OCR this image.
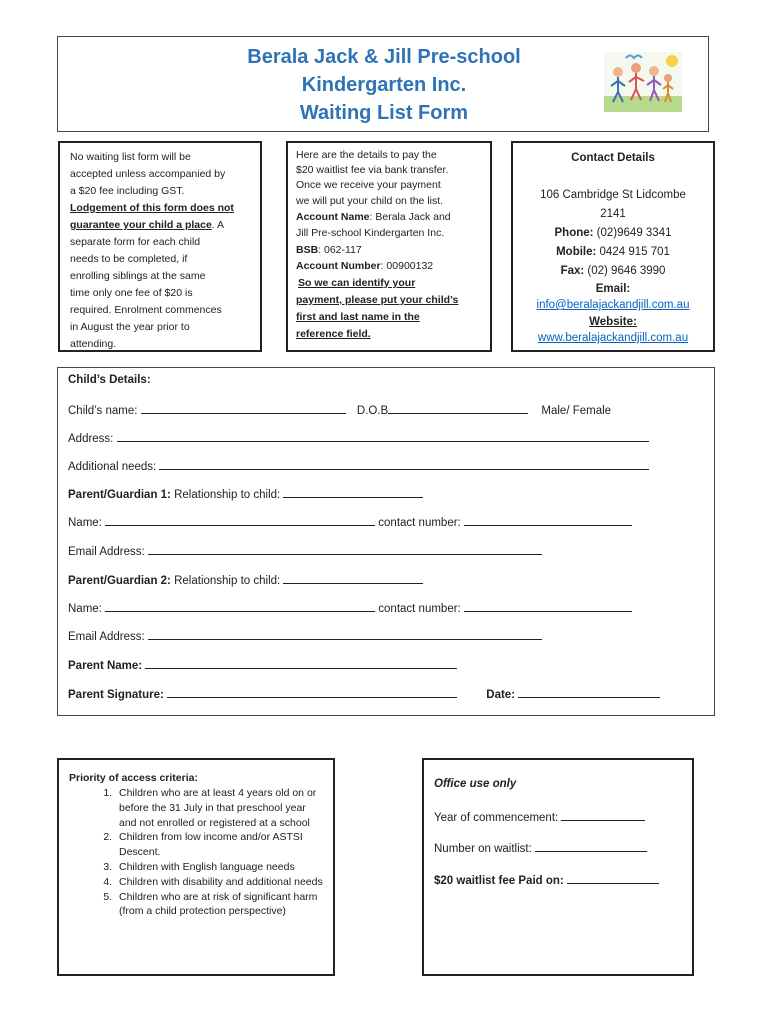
Berala Jack & Jill Pre-school
Kindergarten Inc.
Waiting List Form
No waiting list form will be
accepted unless accompanied by
a $20 fee including GST.
Lodgement of this form does not
guarantee your child a place. A
separate form for each child
needs to be completed, if
enrolling siblings at the same
time only one fee of $20 is
required. Enrolment commences
in August the year prior to
attending.
Here are the details to pay the
$20 waitlist fee via bank transfer.
Once we receive your payment
we will put your child on the list.
Account Name: Berala Jack and
Jill Pre-school Kindergarten Inc.
BSB: 062-117
Account Number: 00900132
So we can identify your
payment, please put your child’s
first and last name in the
reference field.
Contact Details
106 Cambridge St Lidcombe
2141
Phone: (02)9649 3341
Mobile: 0424 915 701
Fax: (02) 9646 3990
Email:
info@beralajackandjill.com.au
Website:
www.beralajackandjill.com.au
Child’s Details:
Child’s name:	D.O.B	Male/ Female
Address:
Additional needs:
Parent/Guardian 1: Relationship to child:
Name:	contact number:
Email Address:
Parent/Guardian 2: Relationship to child:
Name:	contact number:
Email Address:
Parent Name:
Parent Signature:	Date:
Priority of access criteria:
1. Children who are at least 4 years old on or before the 31 July in that preschool year and not enrolled or registered at a school
2. Children from low income and/or ASTSI Descent.
3. Children with English language needs
4. Children with disability and additional needs
5. Children who are at risk of significant harm (from a child protection perspective)
Office use only
Year of commencement:
Number on waitlist:
$20 waitlist fee Paid on:
